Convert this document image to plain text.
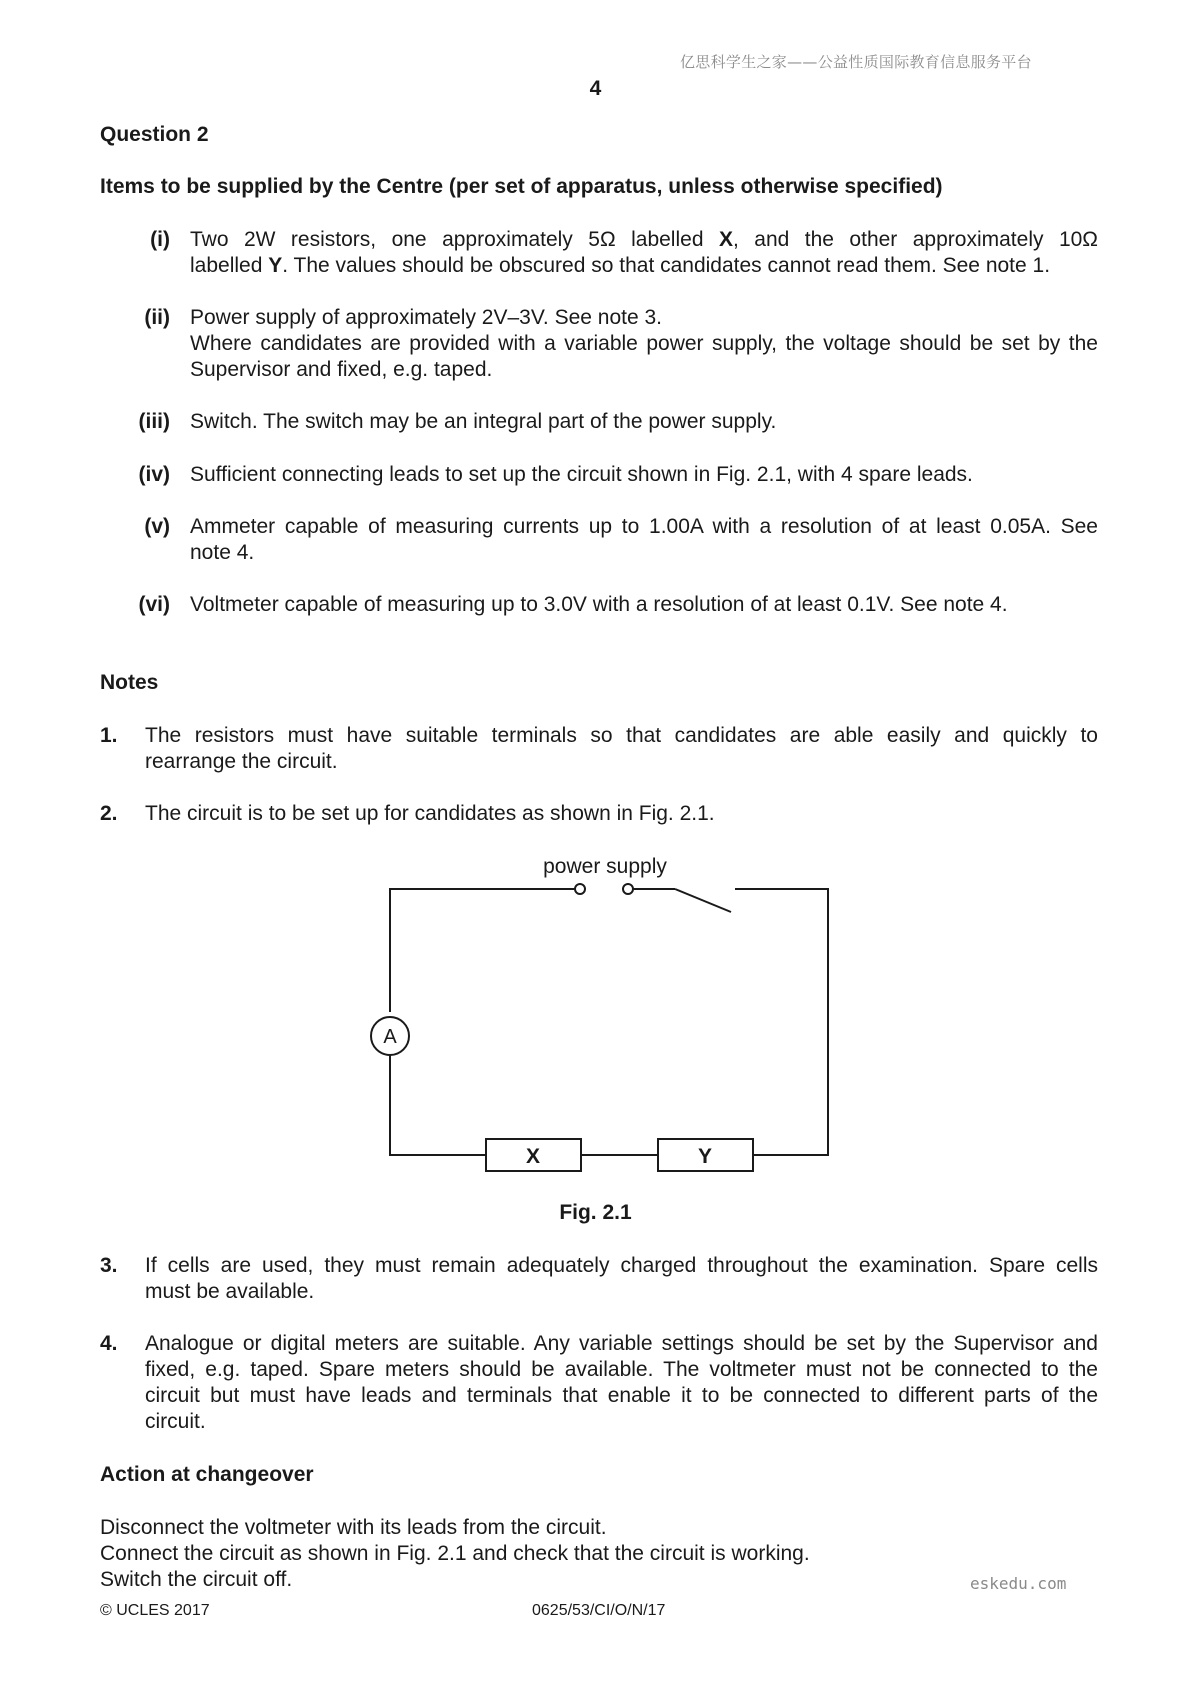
亿思科学生之家——公益性质国际教育信息服务平台
4
Question 2
Items to be supplied by the Centre (per set of apparatus, unless otherwise specified)
(i) Two 2W resistors, one approximately 5Ω labelled X, and the other approximately 10Ω
labelled Y. The values should be obscured so that candidates cannot read them. See note 1.
(ii) Power supply of approximately 2V–3V. See note 3.
Where candidates are provided with a variable power supply, the voltage should be set by the
Supervisor and fixed, e.g. taped.
(iii) Switch. The switch may be an integral part of the power supply.
(iv) Sufficient connecting leads to set up the circuit shown in Fig. 2.1, with 4 spare leads.
(v) Ammeter capable of measuring currents up to 1.00A with a resolution of at least 0.05A. See
note 4.
(vi) Voltmeter capable of measuring up to 3.0V with a resolution of at least 0.1V. See note 4.
Notes
1. The resistors must have suitable terminals so that candidates are able easily and quickly to
rearrange the circuit.
2. The circuit is to be set up for candidates as shown in Fig. 2.1.
power supply
A
X	Y
Fig. 2.1
3. If cells are used, they must remain adequately charged throughout the examination. Spare cells
must be available.
4. Analogue or digital meters are suitable. Any variable settings should be set by the Supervisor and
fixed, e.g. taped. Spare meters should be available. The voltmeter must not be connected to the
circuit but must have leads and terminals that enable it to be connected to different parts of the
circuit.
Action at changeover
Disconnect the voltmeter with its leads from the circuit.
Connect the circuit as shown in Fig. 2.1 and check that the circuit is working.
Switch the circuit off.	eskedu.com
© UCLES 2017	0625/53/CI/O/N/17
